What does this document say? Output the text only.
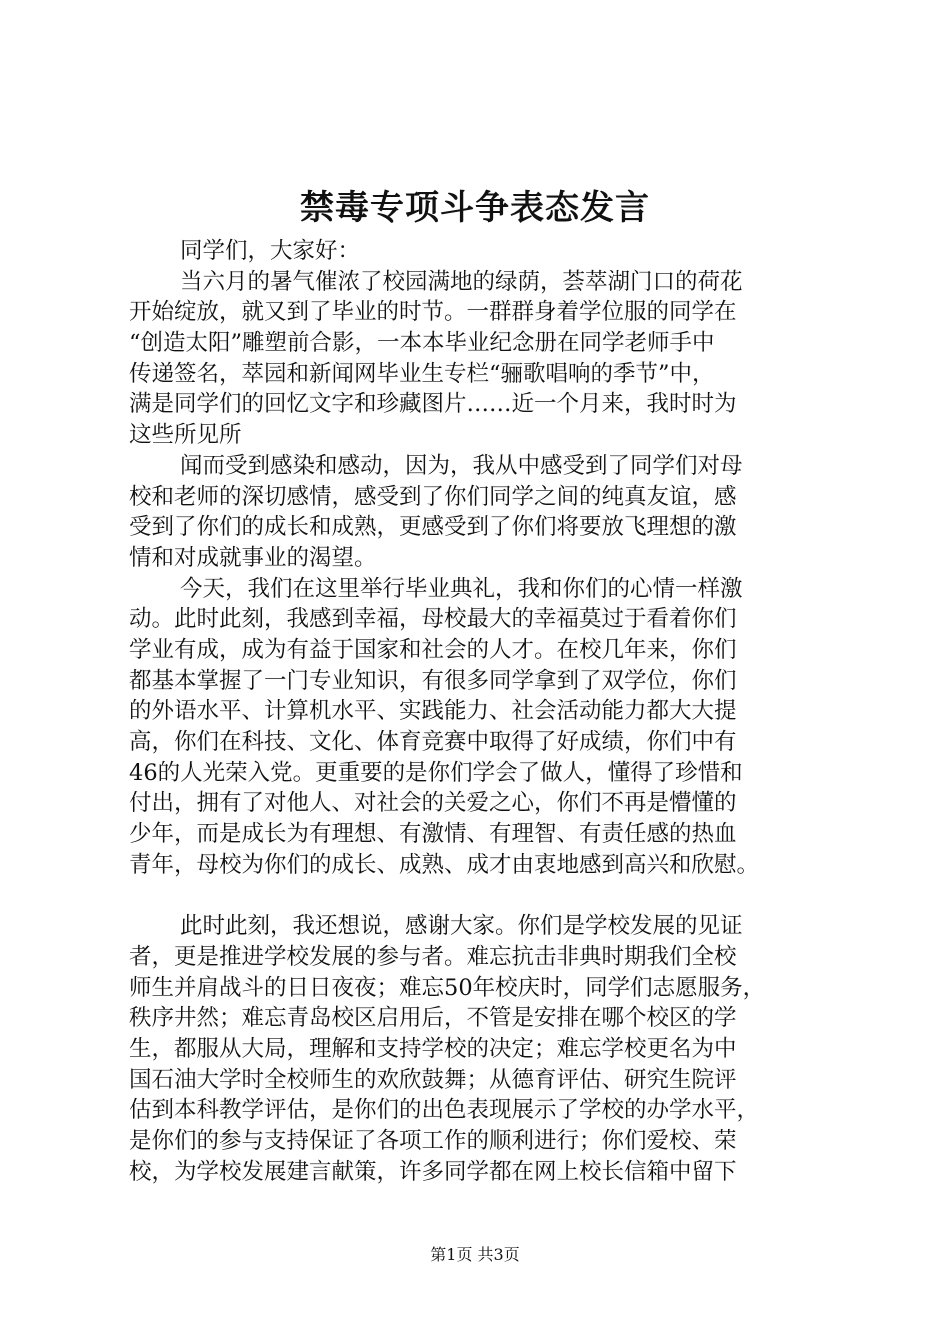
禁毒专项斗争表态发言
同学们，大家好：
当六月的暑气催浓了校园满地的绿荫，荟萃湖门口的荷花
开始绽放，就又到了毕业的时节。一群群身着学位服的同学在
“创造太阳”雕塑前合影，一本本毕业纪念册在同学老师手中
传递签名，萃园和新闻网毕业生专栏“骊歌唱响的季节”中，
满是同学们的回忆文字和珍藏图片……近一个月来，我时时为
这些所见所
闻而受到感染和感动，因为，我从中感受到了同学们对母
校和老师的深切感情，感受到了你们同学之间的纯真友谊，感
受到了你们的成长和成熟，更感受到了你们将要放飞理想的激
情和对成就事业的渴望。
今天，我们在这里举行毕业典礼，我和你们的心情一样激
动。此时此刻，我感到幸福，母校最大的幸福莫过于看着你们
学业有成，成为有益于国家和社会的人才。在校几年来，你们
都基本掌握了一门专业知识，有很多同学拿到了双学位，你们
的外语水平、计算机水平、实践能力、社会活动能力都大大提
高，你们在科技、文化、体育竞赛中取得了好成绩，你们中有
46的人光荣入党。更重要的是你们学会了做人，懂得了珍惜和
付出，拥有了对他人、对社会的关爱之心，你们不再是懵懂的
少年，而是成长为有理想、有激情、有理智、有责任感的热血
青年，母校为你们的成长、成熟、成才由衷地感到高兴和欣慰。
此时此刻，我还想说，感谢大家。你们是学校发展的见证
者，更是推进学校发展的参与者。难忘抗击非典时期我们全校
师生并肩战斗的日日夜夜；难忘50年校庆时，同学们志愿服务，
秩序井然；难忘青岛校区启用后，不管是安排在哪个校区的学
生，都服从大局，理解和支持学校的决定；难忘学校更名为中
国石油大学时全校师生的欢欣鼓舞；从德育评估、研究生院评
估到本科教学评估，是你们的出色表现展示了学校的办学水平，
是你们的参与支持保证了各项工作的顺利进行；你们爱校、荣
校，为学校发展建言献策，许多同学都在网上校长信箱中留下
第1页 共3页
